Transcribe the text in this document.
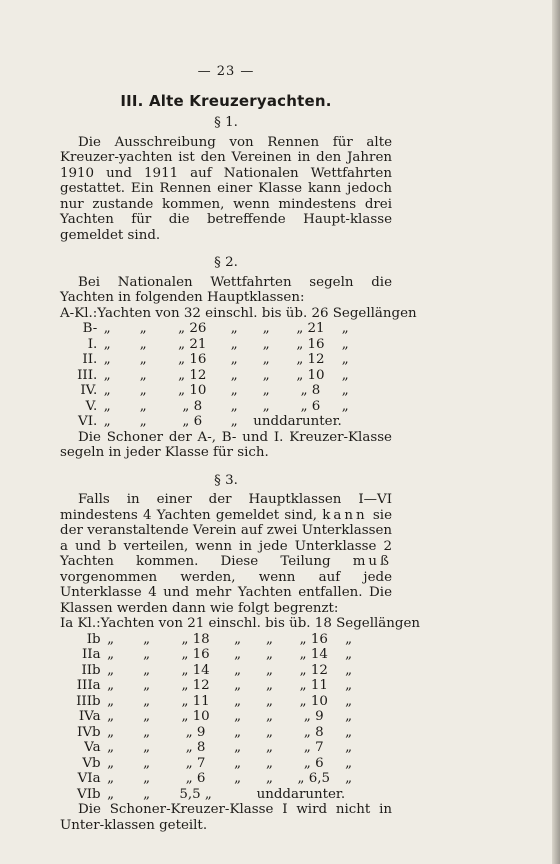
— 23 —
III. Alte Kreuzeryachten.
§ 1.

Die Ausschreibung von Rennen für alte Kreuzer-yachten ist den Vereinen in den Jahren 1910 und 1911 auf Nationalen Wettfahrten gestattet. Ein Rennen einer Klasse kann jedoch nur zustande kommen, wenn mindestens drei Yachten für die betreffende Haupt-klasse gemeldet sind.

§ 2.

Bei Nationalen Wettfahrten segeln die Yachten in folgenden Hauptklassen:

A-Kl.:	Yachten von 32 einschl. bis üb. 26 Segellängen						
B-	„	„	„ 26	„	„	„ 21	„
I.	„	„	„ 21	„	„	„ 16	„
II.	„	„	„ 16	„	„	„ 12	„
III.	„	„	„ 12	„	„	„ 10	„
IV.	„	„	„ 10	„	„	„ 8	„
V.	„	„	„ 8	„	„	„ 6	„
VI.	„	„	„ 6	„	und	darunter.	

Die Schoner der A-, B- und I. Kreuzer-Klasse segeln in jeder Klasse für sich.

§ 3.

Falls in einer der Hauptklassen I—VI mindestens 4 Yachten gemeldet sind, kann sie der veranstaltende Verein auf zwei Unterklassen a und b verteilen, wenn in jede Unterklasse 2 Yachten kommen. Diese Teilung muß vorgenommen werden, wenn auf jede Unterklasse 4 und mehr Yachten entfallen. Die Klassen werden dann wie folgt begrenzt:

Ia Kl.:	Yachten von 21 einschl. bis üb. 18 Segellängen						
Ib	„	„	„ 18	„	„	„ 16	„
IIa	„	„	„ 16	„	„	„ 14	„
IIb	„	„	„ 14	„	„	„ 12	„
IIIa	„	„	„ 12	„	„	„ 11	„
IIIb	„	„	„ 11	„	„	„ 10	„
IVa	„	„	„ 10	„	„	„ 9	„
IVb	„	„	„ 9	„	„	„ 8	„
Va	„	„	„ 8	„	„	„ 7	„
Vb	„	„	„ 7	„	„	„ 6	„
VIa	„	„	„ 6	„	„	„ 6,5	„
VIb	„	„	5,5 „		und	darunter.	

Die Schoner-Kreuzer-Klasse I wird nicht in Unter-klassen geteilt.
